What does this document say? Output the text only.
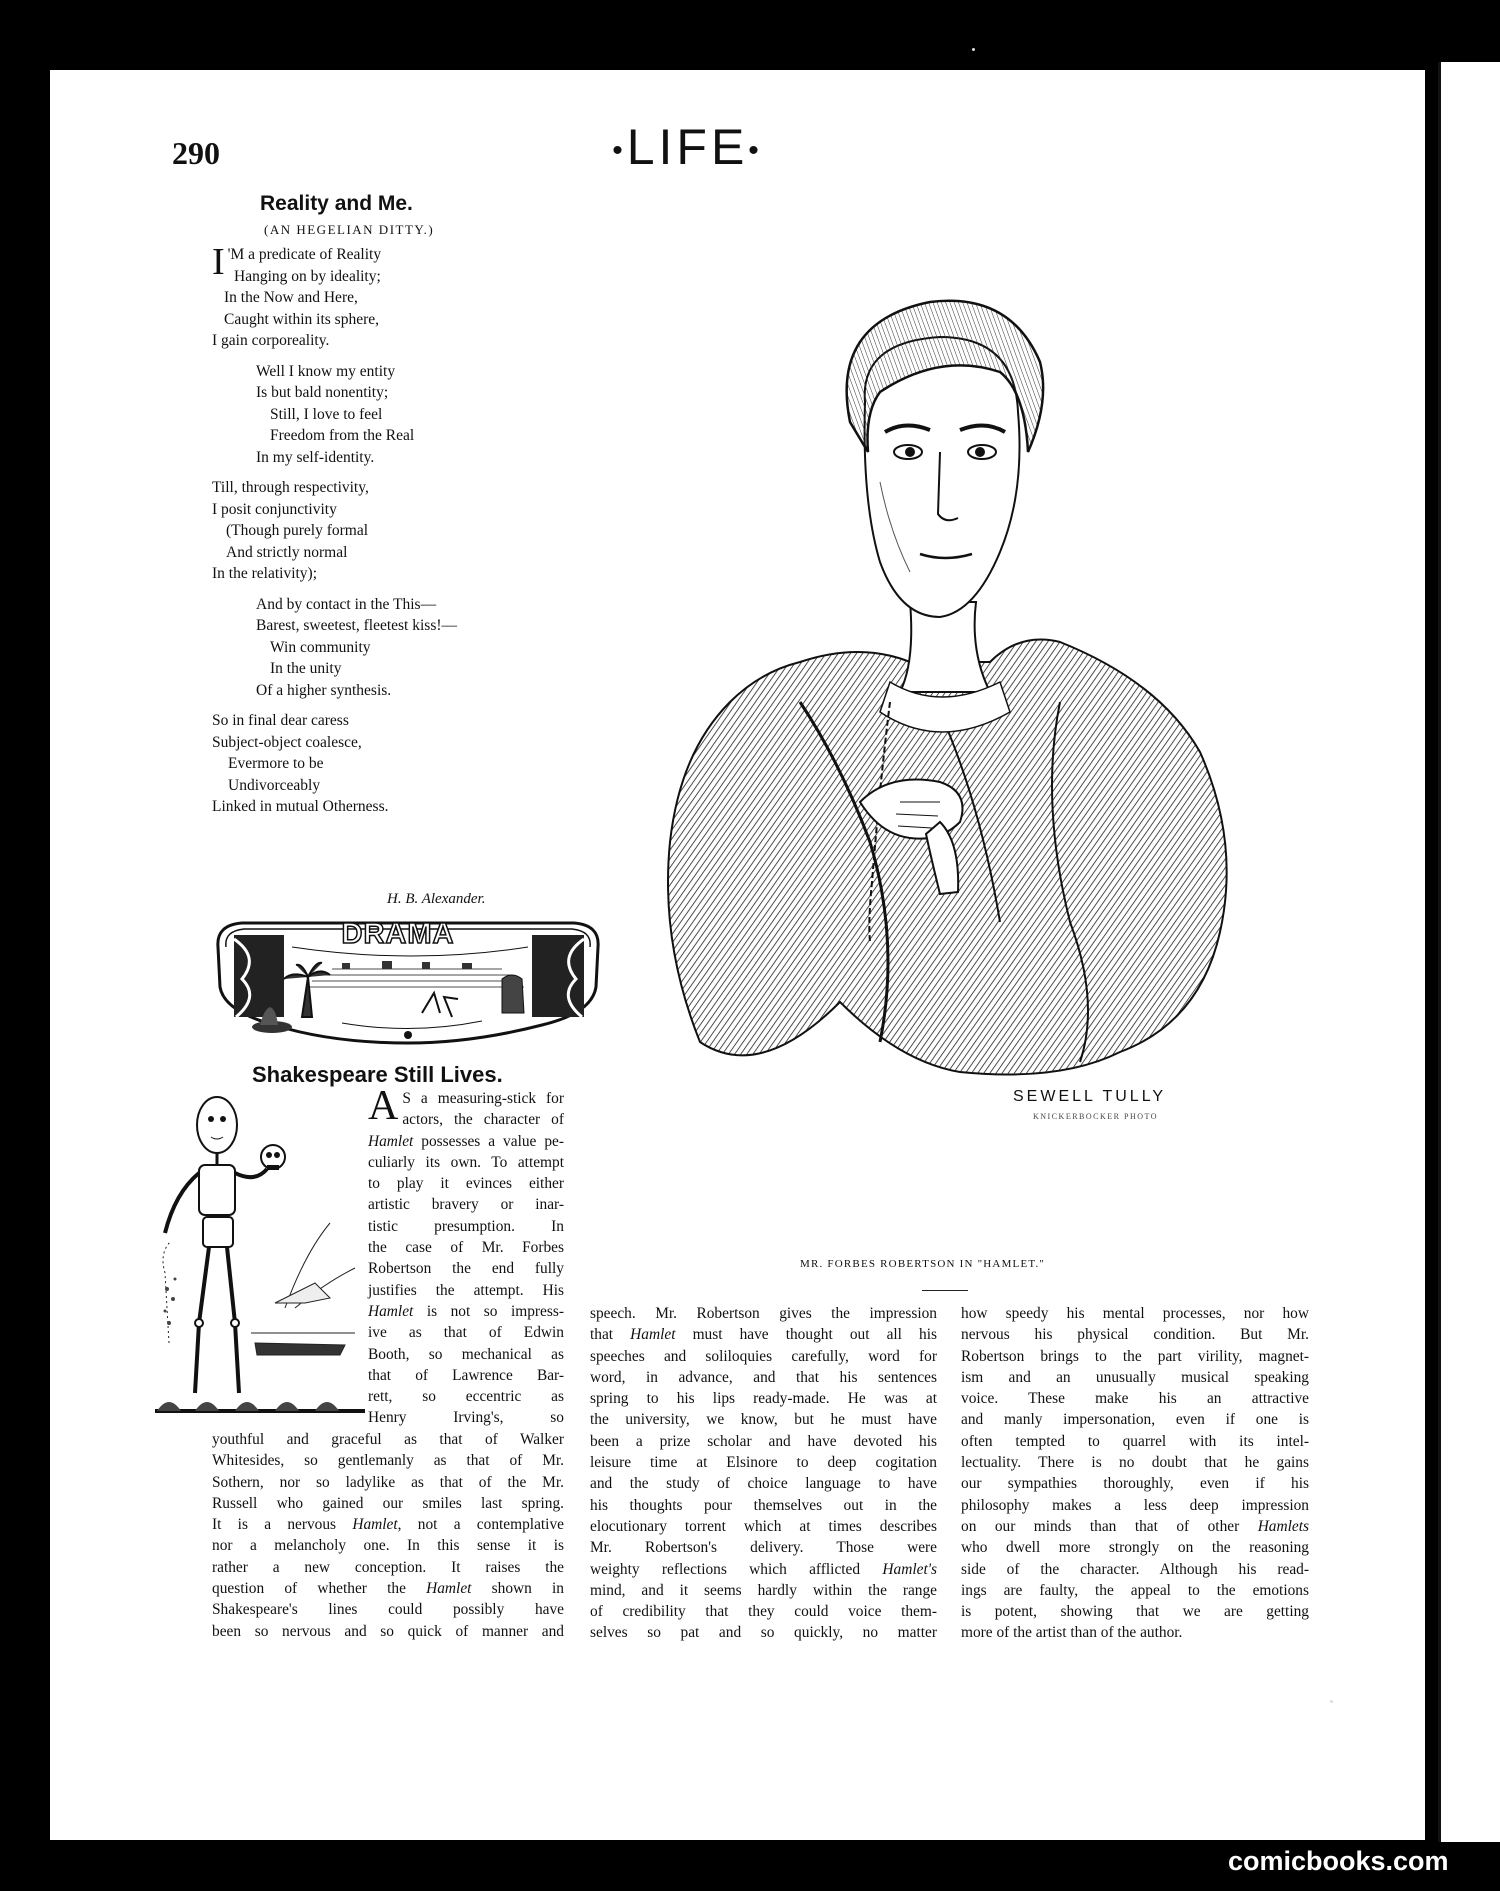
290	•LIFE•
Reality and Me.
(AN HEGELIAN DITTY.)
I 'M a predicate of Reality
Hanging on by ideality;
In the Now and Here,
Caught within its sphere,
I gain corporeality.
Well I know my entity
Is but bald nonentity;
Still, I love to feel
Freedom from the Real
In my self-identity.
Till, through respectivity,
I posit conjunctivity
(Though purely formal
And strictly normal
In the relativity);
And by contact in the This—
Barest, sweetest, fleetest kiss!—
Win community
In the unity
Of a higher synthesis.
So in final dear caress
Subject-object coalesce,
Evermore to be
Undivorceably
Linked in mutual Otherness.
H. B. Alexander.
DRAMA
Shakespeare Still Lives.
A S a measuring-stick for
actors, the character of
Hamlet possesses a value pe-
culiarly its own. To attempt
to play it evinces either
artistic bravery or inar-
tistic presumption. In
the case of Mr. Forbes
Robertson the end fully
justifies the attempt. His
Hamlet is not so impress-
ive as that of Edwin
Booth, so mechanical as
that of Lawrence Bar-
rett, so eccentric as
Henry Irving's, so
youthful and graceful as that of Walker
Whitesides, so gentlemanly as that of Mr.
Sothern, nor so ladylike as that of the Mr.
Russell who gained our smiles last spring.
It is a nervous Hamlet, not a contemplative
nor a melancholy one. In this sense it is
rather a new conception. It raises the
question of whether the Hamlet shown in
Shakespeare's lines could possibly have
been so nervous and so quick of manner and
speech. Mr. Robertson gives the impression
that Hamlet must have thought out all his
speeches and soliloquies carefully, word for
word, in advance, and that his sentences
spring to his lips ready-made. He was at
the university, we know, but he must have
been a prize scholar and have devoted his
leisure time at Elsinore to deep cogitation
and the study of choice language to have
his thoughts pour themselves out in the
elocutionary torrent which at times describes
Mr. Robertson's delivery. Those were
weighty reflections which afflicted Hamlet's
mind, and it seems hardly within the range
of credibility that they could voice them-
selves so pat and so quickly, no matter
how speedy his mental processes, nor how
nervous his physical condition. But Mr.
Robertson brings to the part virility, magnet-
ism and an unusually musical speaking
voice. These make his an attractive
and manly impersonation, even if one is
often tempted to quarrel with its intel-
lectuality. There is no doubt that he gains
our sympathies thoroughly, even if his
philosophy makes a less deep impression
on our minds than that of other Hamlets
who dwell more strongly on the reasoning
side of the character. Although his read-
ings are faulty, the appeal to the emotions
is potent, showing that we are getting
more of the artist than of the author.
SEWELL TULLY
KNICKERBOCKER PHOTO
MR. FORBES ROBERTSON IN "HAMLET."
comicbooks.com
